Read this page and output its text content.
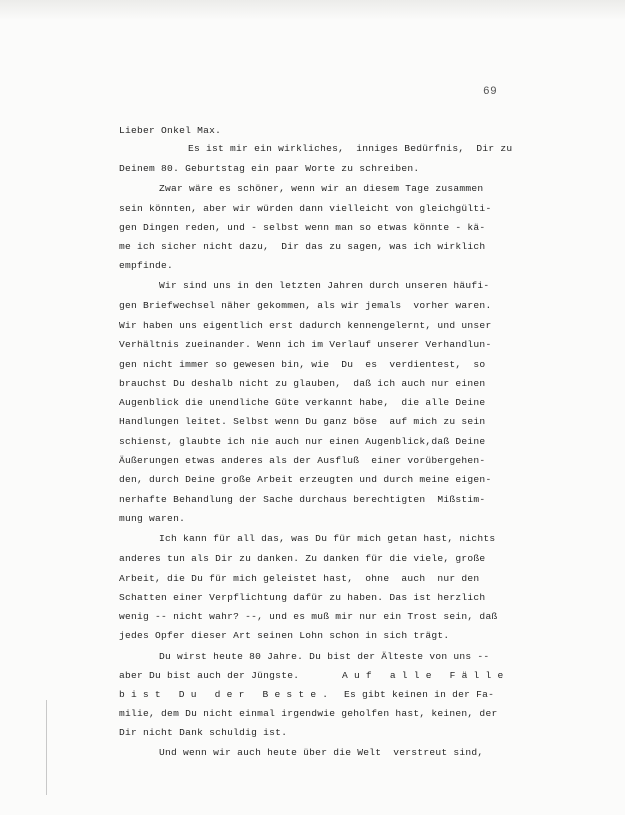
69
Lieber Onkel Max.
Es ist mir ein wirkliches,  inniges Bedürfnis,  Dir zu
Deinem 80. Geburtstag ein paar Worte zu schreiben.
Zwar wäre es schöner, wenn wir an diesem Tage zusammen
sein könnten, aber wir würden dann vielleicht von gleichgülti-
gen Dingen reden, und - selbst wenn man so etwas könnte - kä-
me ich sicher nicht dazu,  Dir das zu sagen, was ich wirklich
empfinde.
Wir sind uns in den letzten Jahren durch unseren häufi-
gen Briefwechsel näher gekommen, als wir jemals  vorher waren.
Wir haben uns eigentlich erst dadurch kennengelernt, und unser
Verhältnis zueinander. Wenn ich im Verlauf unserer Verhandlun-
gen nicht immer so gewesen bin, wie  Du  es  verdientest,  so
brauchst Du deshalb nicht zu glauben,  daß ich auch nur einen
Augenblick die unendliche Güte verkannt habe,  die alle Deine
Handlungen leitet. Selbst wenn Du ganz böse  auf mich zu sein
schienst, glaubte ich nie auch nur einen Augenblick,daß Deine
Äußerungen etwas anderes als der Ausfluß  einer vorübergehen-
den, durch Deine große Arbeit erzeugten und durch meine eigen-
nerhafte Behandlung der Sache durchaus berechtigten  Mißstim-
mung waren.
Ich kann für all das, was Du für mich getan hast, nichts
anderes tun als Dir zu danken. Zu danken für die viele, große
Arbeit, die Du für mich geleistet hast,  ohne  auch  nur den
Schatten einer Verpflichtung dafür zu haben. Das ist herzlich
wenig -- nicht wahr? --, und es muß mir nur ein Trost sein, daß
jedes Opfer dieser Art seinen Lohn schon in sich trägt.
Du wirst heute 80 Jahre. Du bist der Älteste von uns --
aber Du bist auch der Jüngste.	Auf alle Fälle
bist Du der Beste. Es gibt keinen in der Fa-
milie, dem Du nicht einmal irgendwie geholfen hast, keinen, der
Dir nicht Dank schuldig ist.
Und wenn wir auch heute über die Welt  verstreut sind,
